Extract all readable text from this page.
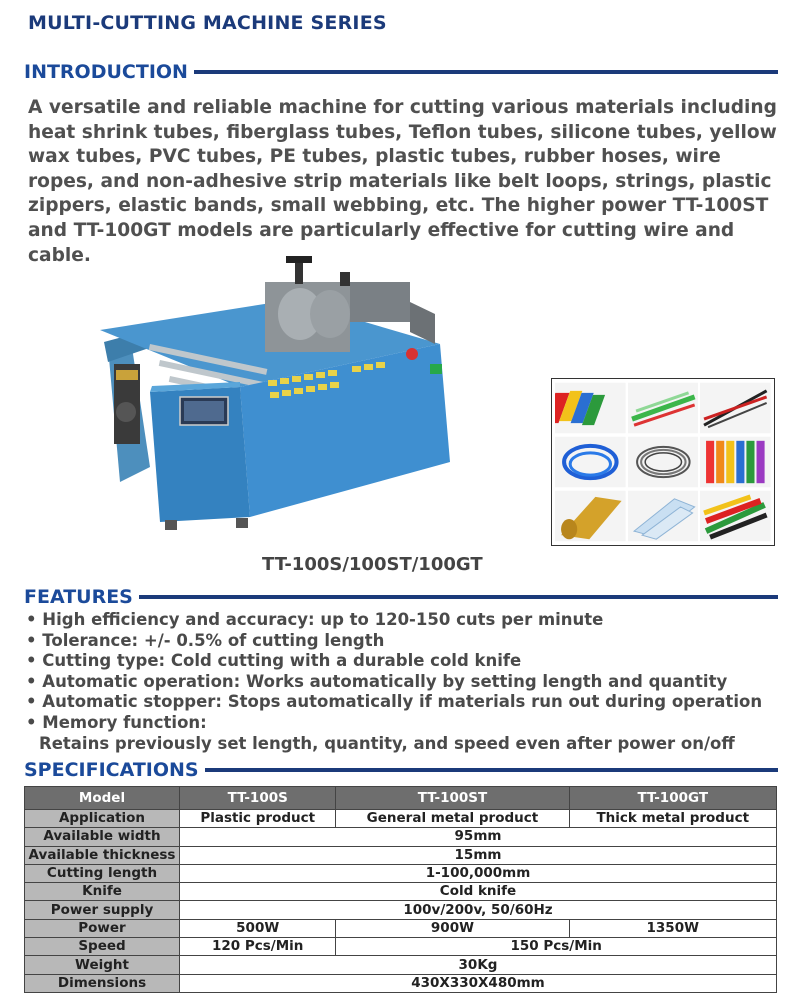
MULTI-CUTTING MACHINE SERIES
INTRODUCTION
A versatile and reliable machine for cutting various materials including heat shrink tubes, fiberglass tubes, Teflon tubes, silicone tubes, yellow wax tubes, PVC tubes, PE tubes, plastic tubes, rubber hoses, wire ropes, and non-adhesive strip materials like belt loops, strings, plastic zippers, elastic bands, small webbing, etc. The higher power TT-100ST and TT-100GT models are particularly effective for cutting wire and cable.
TT-100S/100ST/100GT
FEATURES
• High efficiency and accuracy: up to 120-150 cuts per minute
• Tolerance: +/- 0.5% of cutting length
• Cutting type: Cold cutting with a durable cold knife
• Automatic operation: Works automatically by setting length and quantity
• Automatic stopper: Stops automatically if materials run out during operation
• Memory function:
Retains previously set length, quantity, and speed even after power on/off
SPECIFICATIONS
Model	TT-100S	TT-100ST	TT-100GT
Application	Plastic product	General metal product	Thick metal product
Available width	95mm		
Available thickness	15mm		
Cutting length	1-100,000mm		
Knife	Cold knife		
Power supply	100v/200v, 50/60Hz		
Power	500W	900W	1350W
Speed	120 Pcs/Min	150 Pcs/Min	
Weight	30Kg		
Dimensions	430X330X480mm		
